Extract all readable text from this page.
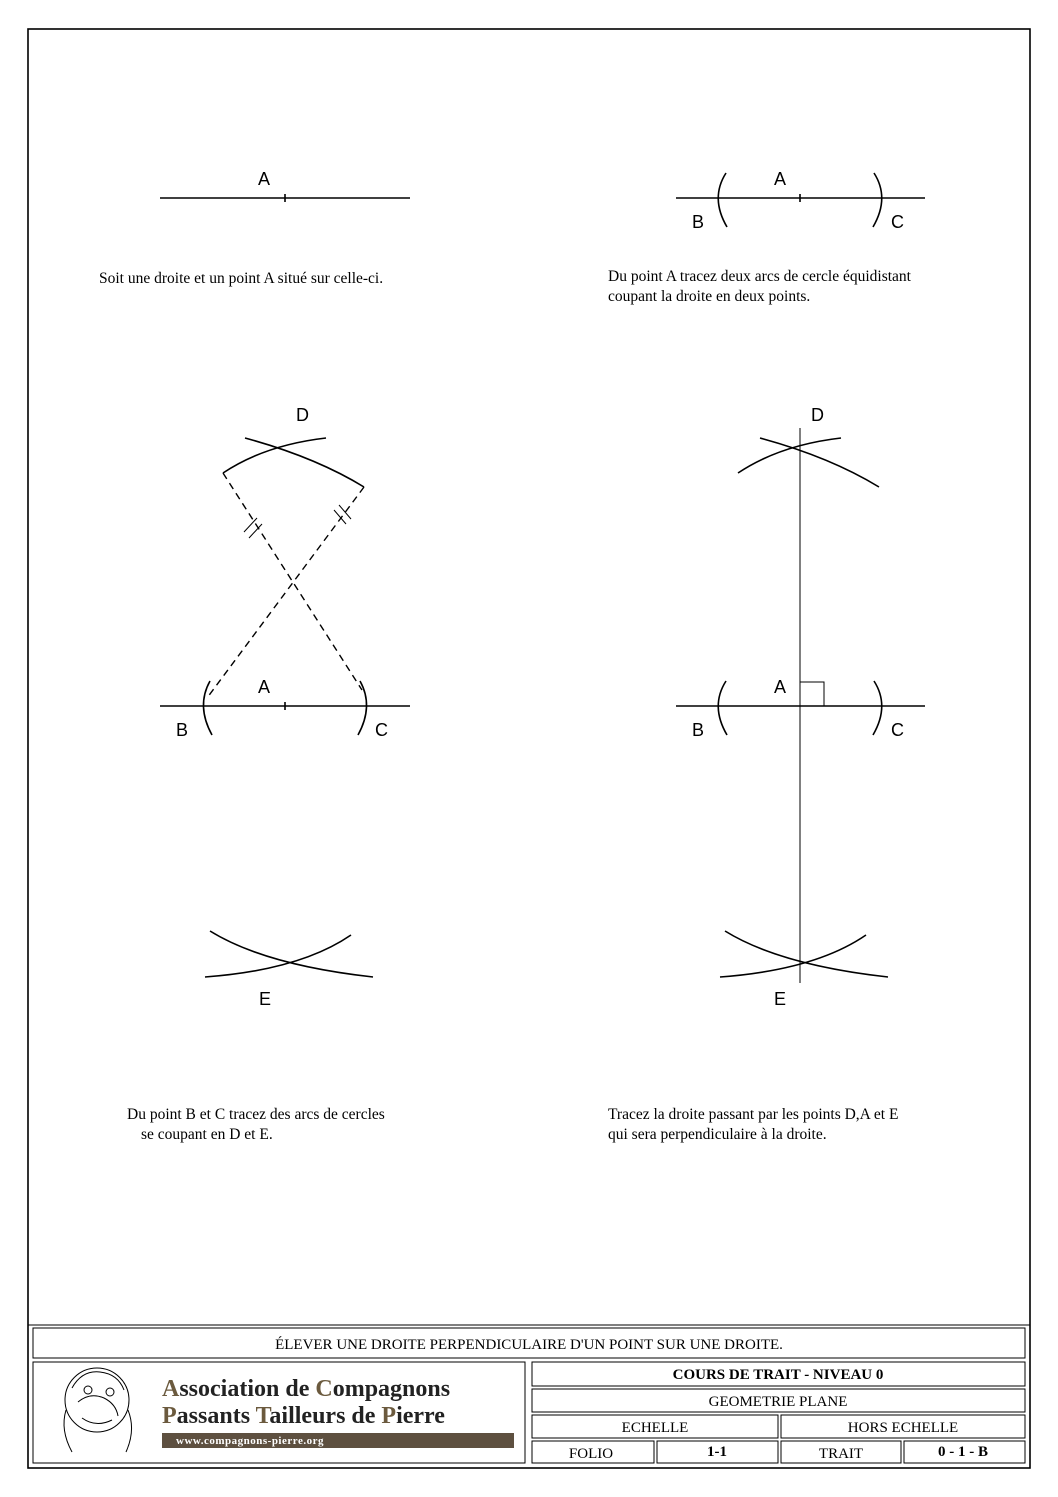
A
Soit une droite et un point A situé sur celle-ci.
A
B	C
Du point A tracez deux arcs de cercle équidistant
coupant la droite en deux points.
D
A
B	C
E
Du point B et C tracez des arcs de cercles
se coupant en D et E.
D
A
B	C
E
Tracez la droite passant par les points D,A et E
qui sera perpendiculaire à la droite.
ÉLEVER UNE DROITE PERPENDICULAIRE D'UN POINT SUR UNE DROITE.
Association de Compagnons
Passants Tailleurs de Pierre
www.compagnons-pierre.org
COURS DE TRAIT - NIVEAU 0
GEOMETRIE PLANE
ECHELLE	HORS ECHELLE
FOLIO	1-1	TRAIT	0 - 1 - B
